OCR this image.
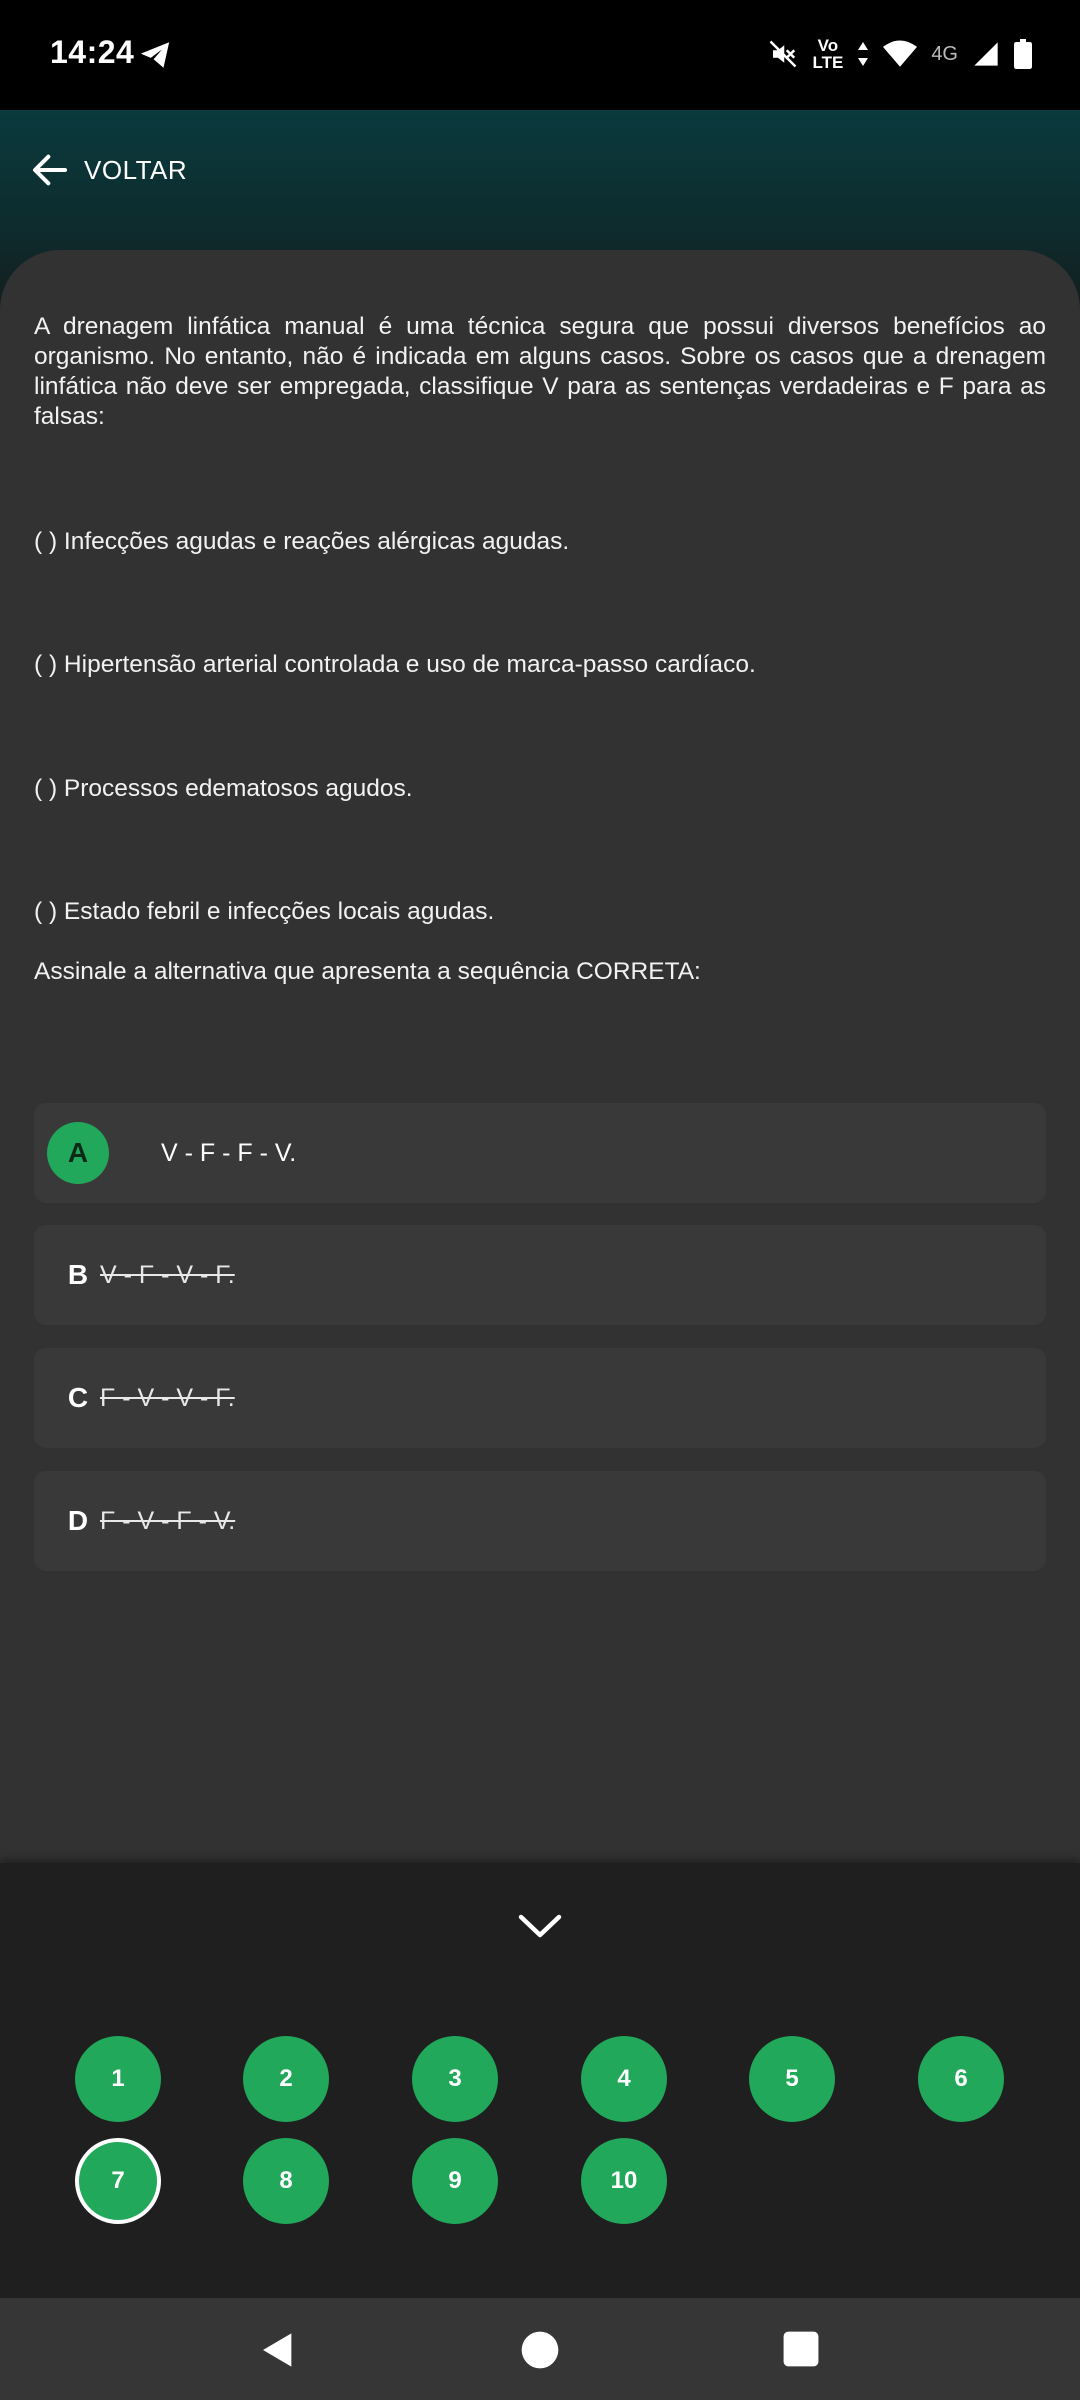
14:24	Vo
LTE	4G
VOLTAR

A drenagem linfática manual é uma técnica segura que possui diversos benefícios ao organismo. No entanto, não é indicada em alguns casos. Sobre os casos que a drenagem linfática não deve ser empregada, classifique V para as sentenças verdadeiras e F para as falsas:

( ) Infecções agudas e reações alérgicas agudas.
( ) Hipertensão arterial controlada e uso de marca-passo cardíaco.
( ) Processos edematosos agudos.
( ) Estado febril e infecções locais agudas.
Assinale a alternativa que apresenta a sequência CORRETA:
A	V - F - F - V.
B V - F - V - F.
C F - V - V - F.
D F - V - F - V.
1	2	3	4	5	6
7	8	9	10
